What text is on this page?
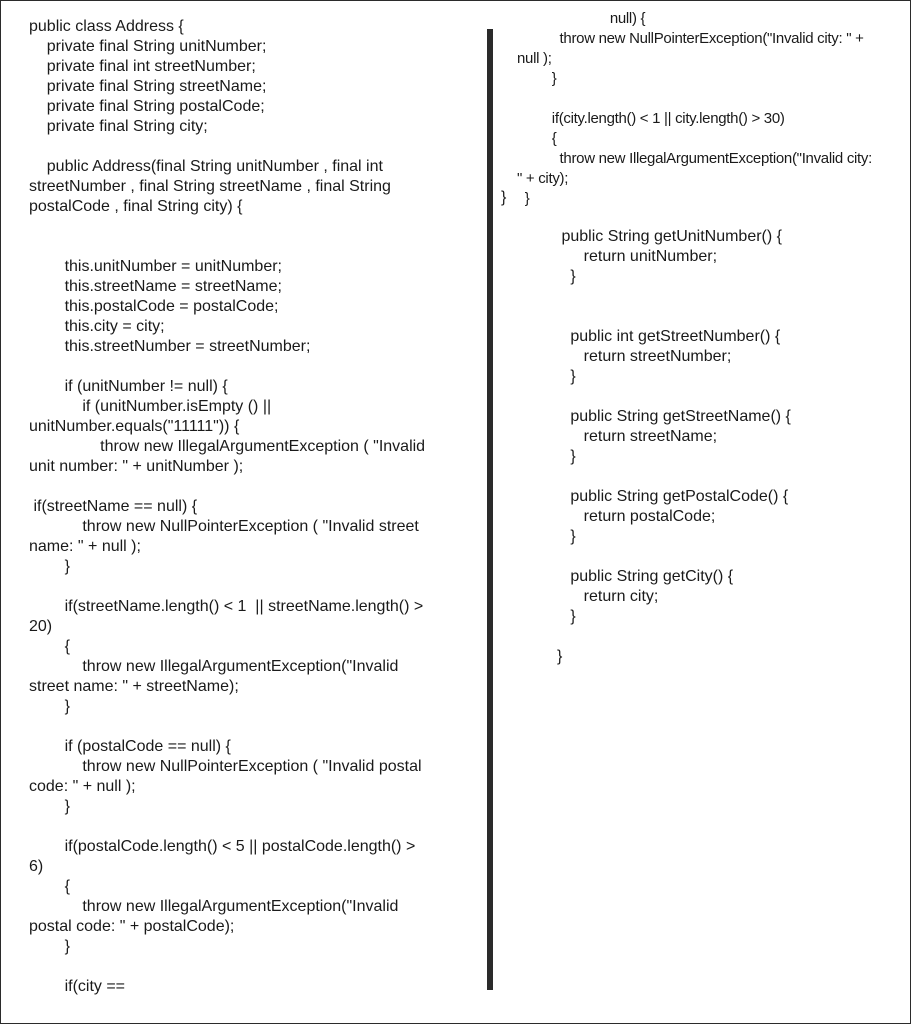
public class Address {
private final String unitNumber;
private final int streetNumber;
private final String streetName;
private final String postalCode;
private final String city;
public Address(final String unitNumber , final int
streetNumber , final String streetName , final String
postalCode , final String city) {
this.unitNumber = unitNumber;
this.streetName = streetName;
this.postalCode = postalCode;
this.city = city;
this.streetNumber = streetNumber;
if (unitNumber != null) {
if (unitNumber.isEmpty () ||
unitNumber.equals("11111")) {
throw new IllegalArgumentException ( "Invalid
unit number: " + unitNumber );
if(streetName == null) {
throw new NullPointerException ( "Invalid street
name: " + null );
}
if(streetName.length() < 1  || streetName.length() >
20)
{
throw new IllegalArgumentException("Invalid
street name: " + streetName);
}
if (postalCode == null) {
throw new NullPointerException ( "Invalid postal
code: " + null );
}
if(postalCode.length() < 5 || postalCode.length() >
6)
{
throw new IllegalArgumentException("Invalid
postal code: " + postalCode);
}
if(city ==
null) {
throw new NullPointerException("Invalid city: " +
null );
}
if(city.length() < 1 || city.length() > 30)
{
throw new IllegalArgumentException("Invalid city:
" + city);
}
}
public String getUnitNumber() {
return unitNumber;
}
public int getStreetNumber() {
return streetNumber;
}
public String getStreetName() {
return streetName;
}
public String getPostalCode() {
return postalCode;
}
public String getCity() {
return city;
}
}
